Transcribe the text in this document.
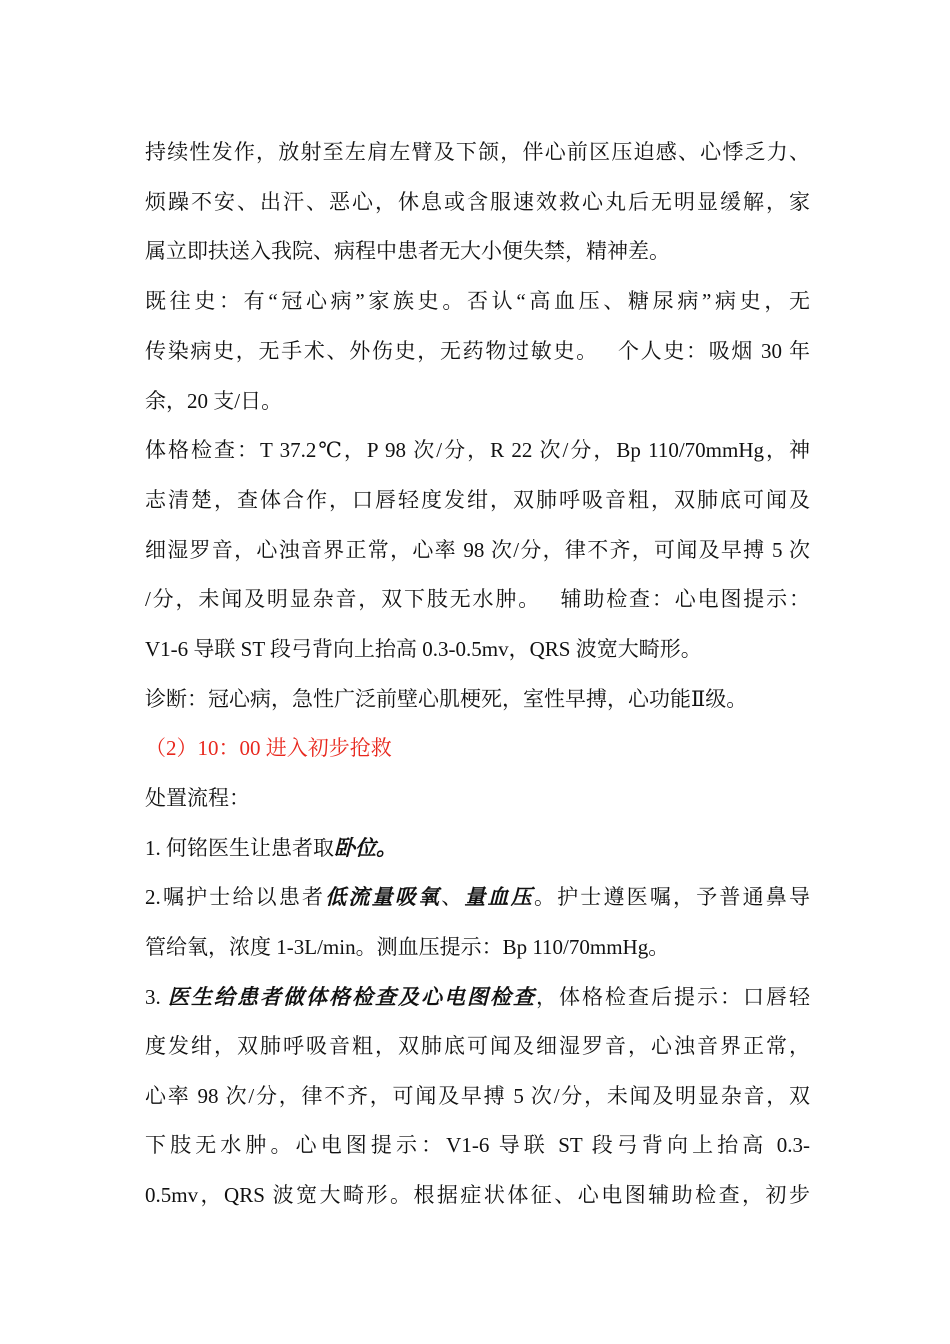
持续性发作，放射至左肩左臂及下颌，伴心前区压迫感、心悸乏力、
烦躁不安、出汗、恶心，休息或含服速效救心丸后无明显缓解，家
属立即扶送入我院、病程中患者无大小便失禁，精神差。
既往史：有“冠心病”家族史。否认“高血压、糖尿病”病史，无
传染病史，无手术、外伤史，无药物过敏史。　 个人史：吸烟 30 年
余，20 支/日。
体格检查：T 37.2℃，P 98 次/分，R 22 次/分，Bp 110/70mmHg，神
志清楚，查体合作，口唇轻度发绀，双肺呼吸音粗，双肺底可闻及
细湿罗音，心浊音界正常，心率 98 次/分，律不齐，可闻及早搏 5 次
/分，未闻及明显杂音，双下肢无水肿。　 辅助检查：心电图提示：
V1-6 导联 ST 段弓背向上抬高 0.3-0.5mv，QRS 波宽大畸形。
诊断：冠心病，急性广泛前壁心肌梗死，室性早搏，心功能Ⅱ级。
（2）10：00 进入初步抢救
处置流程：
1. 何铭医生让患者取卧位。
2.嘱护士给以患者低流量吸氧、量血压。护士遵医嘱，予普通鼻导
管给氧，浓度 1-3L/min。测血压提示：Bp 110/70mmHg。
3. 医生给患者做体格检查及心电图检查，体格检查后提示：口唇轻
度发绀，双肺呼吸音粗，双肺底可闻及细湿罗音，心浊音界正常，
心率 98 次/分，律不齐，可闻及早搏 5 次/分，未闻及明显杂音，双
下肢无水肿。心电图提示：V1-6 导联 ST 段弓背向上抬高 0.3-
0.5mv，QRS 波宽大畸形。根据症状体征、心电图辅助检查，初步
